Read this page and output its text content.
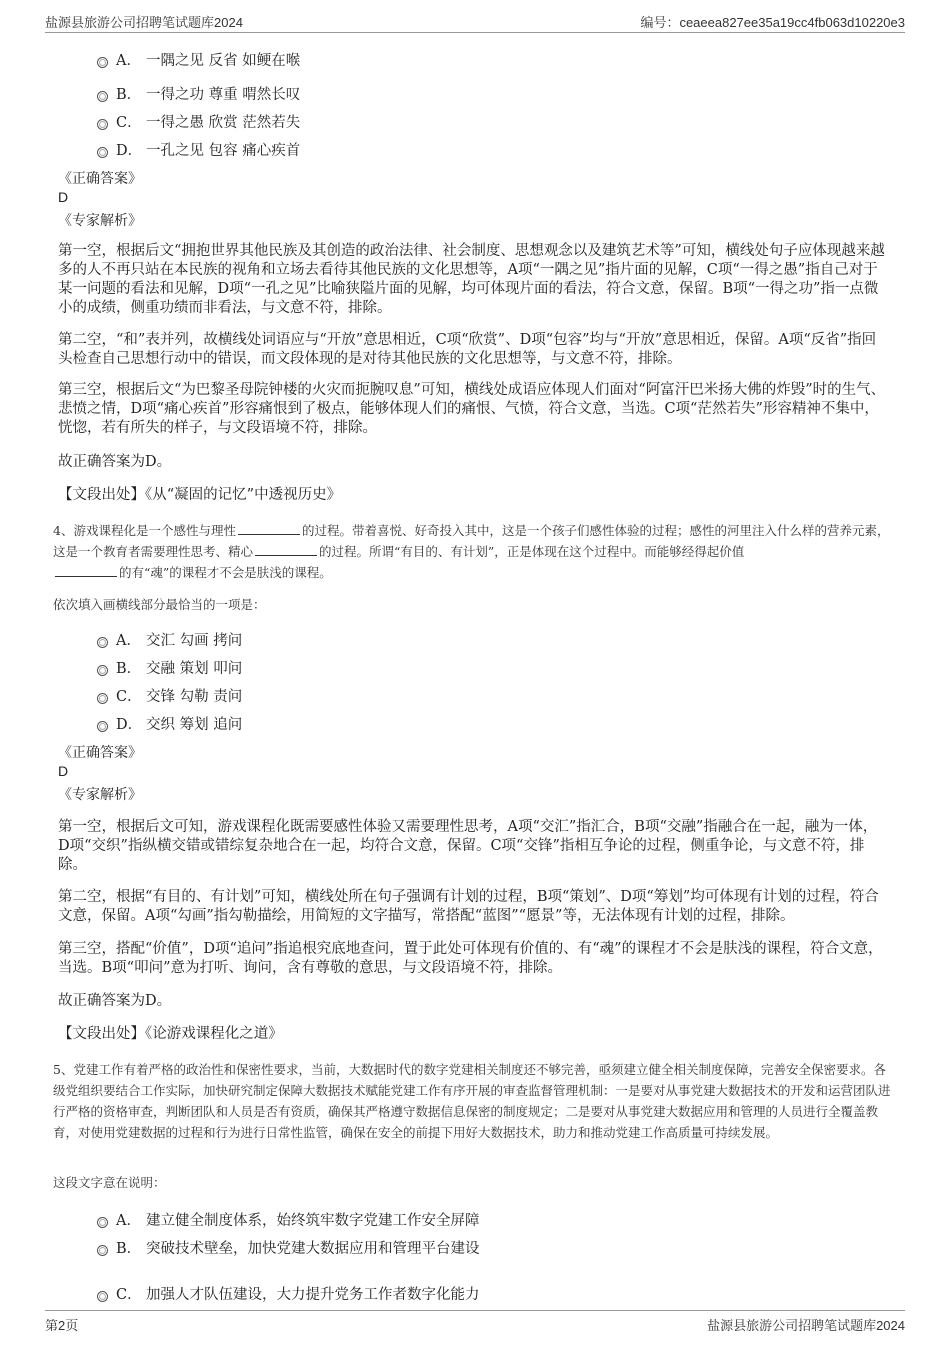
盐源县旅游公司招聘笔试题库2024	编号：ceaeea827ee35a19cc4fb063d10220e3
A． 一隅之见 反省 如鲠在喉
B． 一得之功 尊重 喟然长叹
C． 一得之愚 欣赏 茫然若失
D． 一孔之见 包容 痛心疾首
《正确答案》
D
《专家解析》
第一空，根据后文“拥抱世界其他民族及其创造的政治法律、社会制度、思想观念以及建筑艺术等”可知，横线处句子应体现越来越多的人不再只站在本民族的视角和立场去看待其他民族的文化思想等，A项“一隅之见”指片面的见解，C项“一得之愚”指自己对于某一问题的看法和见解，D项“一孔之见”比喻狭隘片面的见解，均可体现片面的看法，符合文意，保留。B项“一得之功”指一点微小的成绩，侧重功绩而非看法，与文意不符，排除。
第二空，“和”表并列，故横线处词语应与“开放”意思相近，C项“欣赏”、D项“包容”均与“开放”意思相近，保留。A项“反省”指回头检查自己思想行动中的错误，而文段体现的是对待其他民族的文化思想等，与文意不符，排除。
第三空，根据后文“为巴黎圣母院钟楼的火灾而扼腕叹息”可知，横线处成语应体现人们面对“阿富汗巴米扬大佛的炸毁”时的生气、悲愤之情，D项“痛心疾首”形容痛恨到了极点，能够体现人们的痛恨、气愤，符合文意，当选。C项“茫然若失”形容精神不集中，恍惚，若有所失的样子，与文段语境不符，排除。
故正确答案为D。
【文段出处】《从“凝固的记忆”中透视历史》
4、游戏课程化是一个感性与理性	的过程。带着喜悦、好奇投入其中，这是一个孩子们感性体验的过程；感性的河里注入什么样的营养元素，这是一个教育者需要理性思考、精心	的过程。所谓“有目的、有计划”，正是体现在这个过程中。而能够经得起价值
的有“魂”的课程才不会是肤浅的课程。
依次填入画横线部分最恰当的一项是：
A． 交汇 勾画 拷问
B． 交融 策划 叩问
C． 交锋 勾勒 责问
D． 交织 筹划 追问
《正确答案》
D
《专家解析》
第一空，根据后文可知，游戏课程化既需要感性体验又需要理性思考，A项“交汇”指汇合，B项“交融”指融合在一起，融为一体，D项“交织”指纵横交错或错综复杂地合在一起，均符合文意，保留。C项“交锋”指相互争论的过程，侧重争论，与文意不符，排除。
第二空，根据“有目的、有计划”可知，横线处所在句子强调有计划的过程，B项“策划”、D项“筹划”均可体现有计划的过程，符合文意，保留。A项“勾画”指勾勒描绘，用简短的文字描写，常搭配“蓝图”“愿景”等，无法体现有计划的过程，排除。
第三空，搭配“价值”，D项“追问”指追根究底地查问，置于此处可体现有价值的、有“魂”的课程才不会是肤浅的课程，符合文意，当选。B项“叩问”意为打听、询问，含有尊敬的意思，与文段语境不符，排除。
故正确答案为D。
【文段出处】《论游戏课程化之道》
5、党建工作有着严格的政治性和保密性要求，当前，大数据时代的数字党建相关制度还不够完善，亟须建立健全相关制度保障，完善安全保密要求。各级党组织要结合工作实际，加快研究制定保障大数据技术赋能党建工作有序开展的审查监督管理机制：一是要对从事党建大数据技术的开发和运营团队进行严格的资格审查，判断团队和人员是否有资质，确保其严格遵守数据信息保密的制度规定；二是要对从事党建大数据应用和管理的人员进行全覆盖教育，对使用党建数据的过程和行为进行日常性监管，确保在安全的前提下用好大数据技术，助力和推动党建工作高质量可持续发展。
这段文字意在说明：
A． 建立健全制度体系，始终筑牢数字党建工作安全屏障
B． 突破技术壁垒，加快党建大数据应用和管理平台建设
C． 加强人才队伍建设，大力提升党务工作者数字化能力
第2页	盐源县旅游公司招聘笔试题库2024
